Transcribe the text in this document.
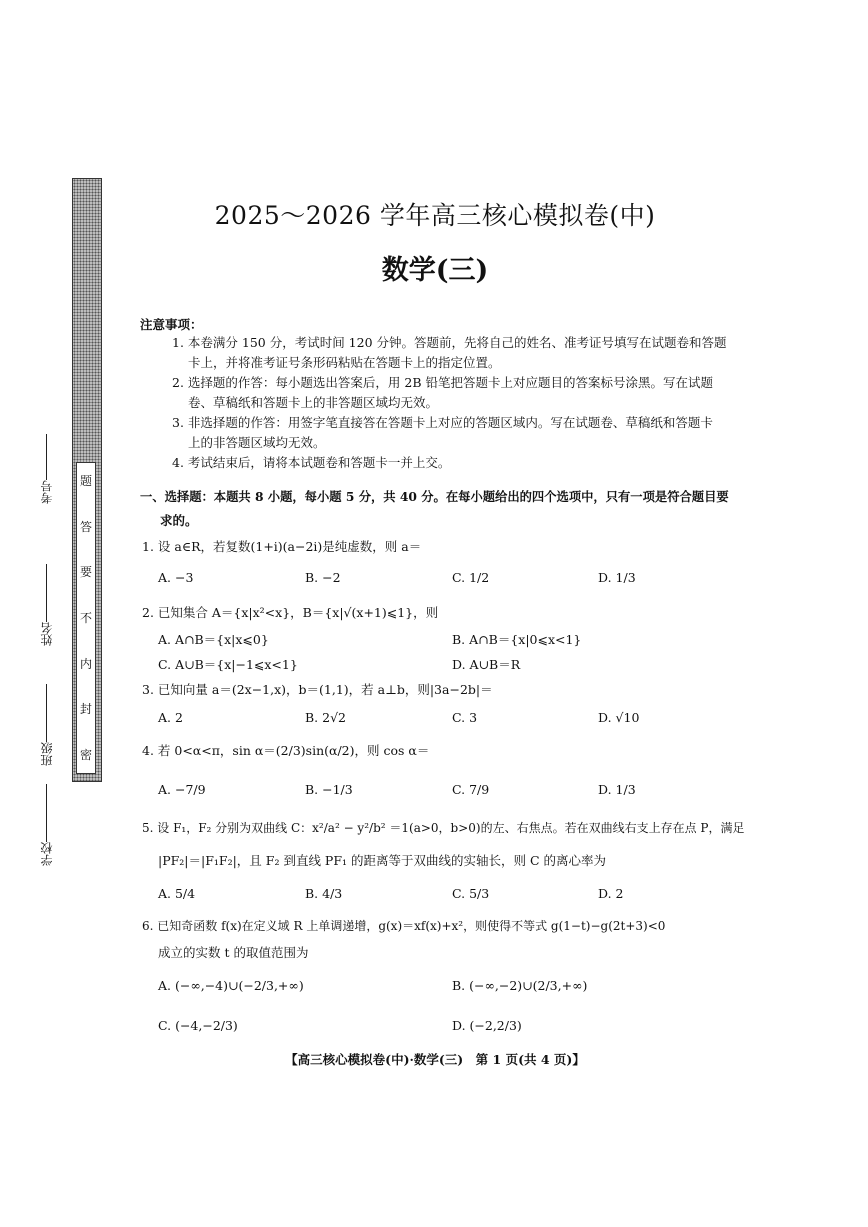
题
答
要
不
内
封
密
考号
姓名
班级
学校
2025～2026 学年高三核心模拟卷(中)
数学(三)
注意事项：
1. 本卷满分 150 分，考试时间 120 分钟。答题前，先将自己的姓名、准考证号填写在试题卷和答题
卡上，并将准考证号条形码粘贴在答题卡上的指定位置。
2. 选择题的作答：每小题选出答案后，用 2B 铅笔把答题卡上对应题目的答案标号涂黑。写在试题
卷、草稿纸和答题卡上的非答题区域均无效。
3. 非选择题的作答：用签字笔直接答在答题卡上对应的答题区域内。写在试题卷、草稿纸和答题卡
上的非答题区域均无效。
4. 考试结束后，请将本试题卷和答题卡一并上交。
一、选择题：本题共 8 小题，每小题 5 分，共 40 分。在每小题给出的四个选项中，只有一项是符合题目要
求的。
1. 设 a∈R，若复数(1+i)(a−2i)是纯虚数，则 a＝
A. −3	B. −2	C. 1/2	D. 1/3
2. 已知集合 A＝{x|x²<x}，B＝{x|√(x+1)⩽1}，则
A. A∩B＝{x|x⩽0}	B. A∩B＝{x|0⩽x<1}
C. A∪B＝{x|−1⩽x<1}	D. A∪B＝R
3. 已知向量 a＝(2x−1,x)，b＝(1,1)，若 a⊥b，则|3a−2b|＝
A. 2	B. 2√2	C. 3	D. √10
4. 若 0<α<π，sin α＝(2/3)sin(α/2)，则 cos α＝
A. −7/9	B. −1/3	C. 7/9	D. 1/3
5. 设 F₁，F₂ 分别为双曲线 C：x²/a² − y²/b² ＝1(a>0，b>0)的左、右焦点。若在双曲线右支上存在点 P，满足
|PF₂|＝|F₁F₂|，且 F₂ 到直线 PF₁ 的距离等于双曲线的实轴长，则 C 的离心率为
A. 5/4	B. 4/3	C. 5/3	D. 2
6. 已知奇函数 f(x)在定义域 R 上单调递增，g(x)＝xf(x)+x²，则使得不等式 g(1−t)−g(2t+3)<0
成立的实数 t 的取值范围为
A. (−∞,−4)∪(−2/3,+∞)	B. (−∞,−2)∪(2/3,+∞)
C. (−4,−2/3)	D. (−2,2/3)
【高三核心模拟卷(中)·数学(三)　第 1 页(共 4 页)】
